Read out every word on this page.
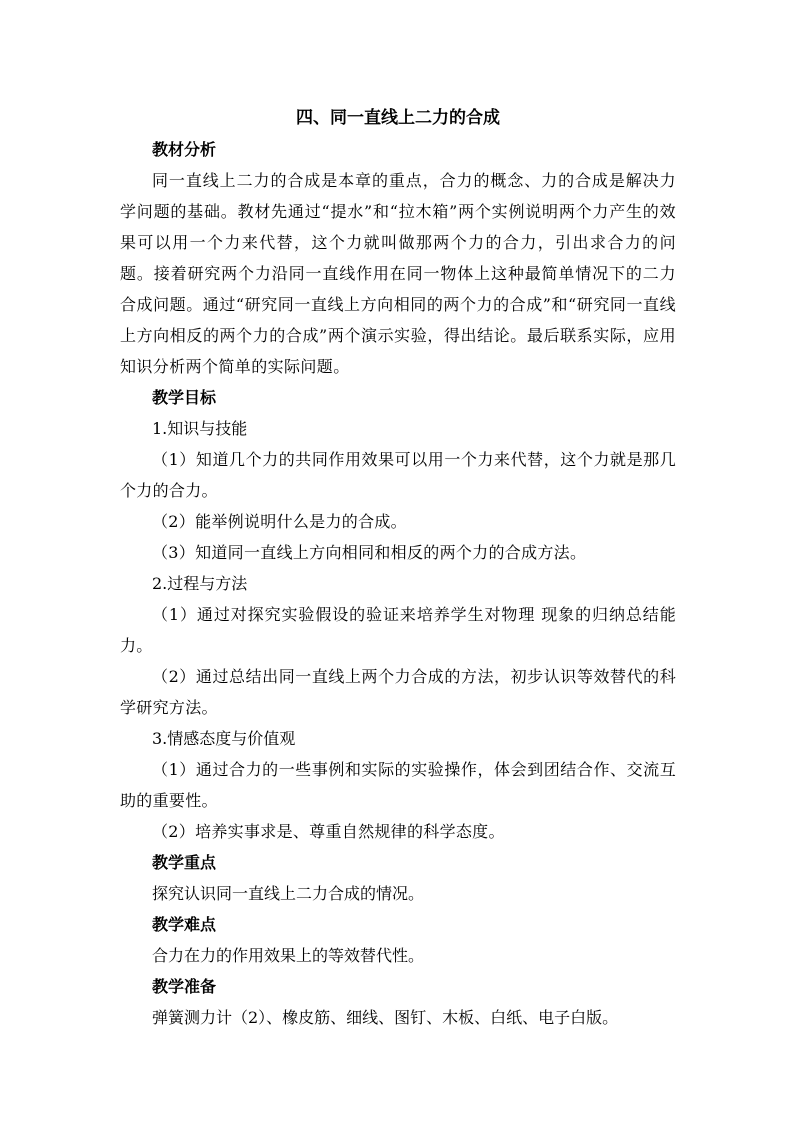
四、同一直线上二力的合成

教材分析

同一直线上二力的合成是本章的重点，合力的概念、力的合成是解决力学问题的基础。教材先通过“提水”和“拉木箱”两个实例说明两个力产生的效果可以用一个力来代替，这个力就叫做那两个力的合力，引出求合力的问题。接着研究两个力沿同一直线作用在同一物体上这种最简单情况下的二力合成问题。通过“研究同一直线上方向相同的两个力的合成”和“研究同一直线上方向相反的两个力的合成”两个演示实验，得出结论。最后联系实际，应用知识分析两个简单的实际问题。

教学目标

1.知识与技能

（1）知道几个力的共同作用效果可以用一个力来代替，这个力就是那几个力的合力。

（2）能举例说明什么是力的合成。

（3）知道同一直线上方向相同和相反的两个力的合成方法。

2.过程与方法

（1）通过对探究实验假设的验证来培养学生对物理 现象的归纳总结能力。

（2）通过总结出同一直线上两个力合成的方法，初步认识等效替代的科学研究方法。

3.情感态度与价值观

（1）通过合力的一些事例和实际的实验操作，体会到团结合作、交流互助的重要性。

（2）培养实事求是、尊重自然规律的科学态度。

教学重点

探究认识同一直线上二力合成的情况。

教学难点

合力在力的作用效果上的等效替代性。

教学准备

弹簧测力计（2）、橡皮筋、细线、图钉、木板、白纸、电子白版。
